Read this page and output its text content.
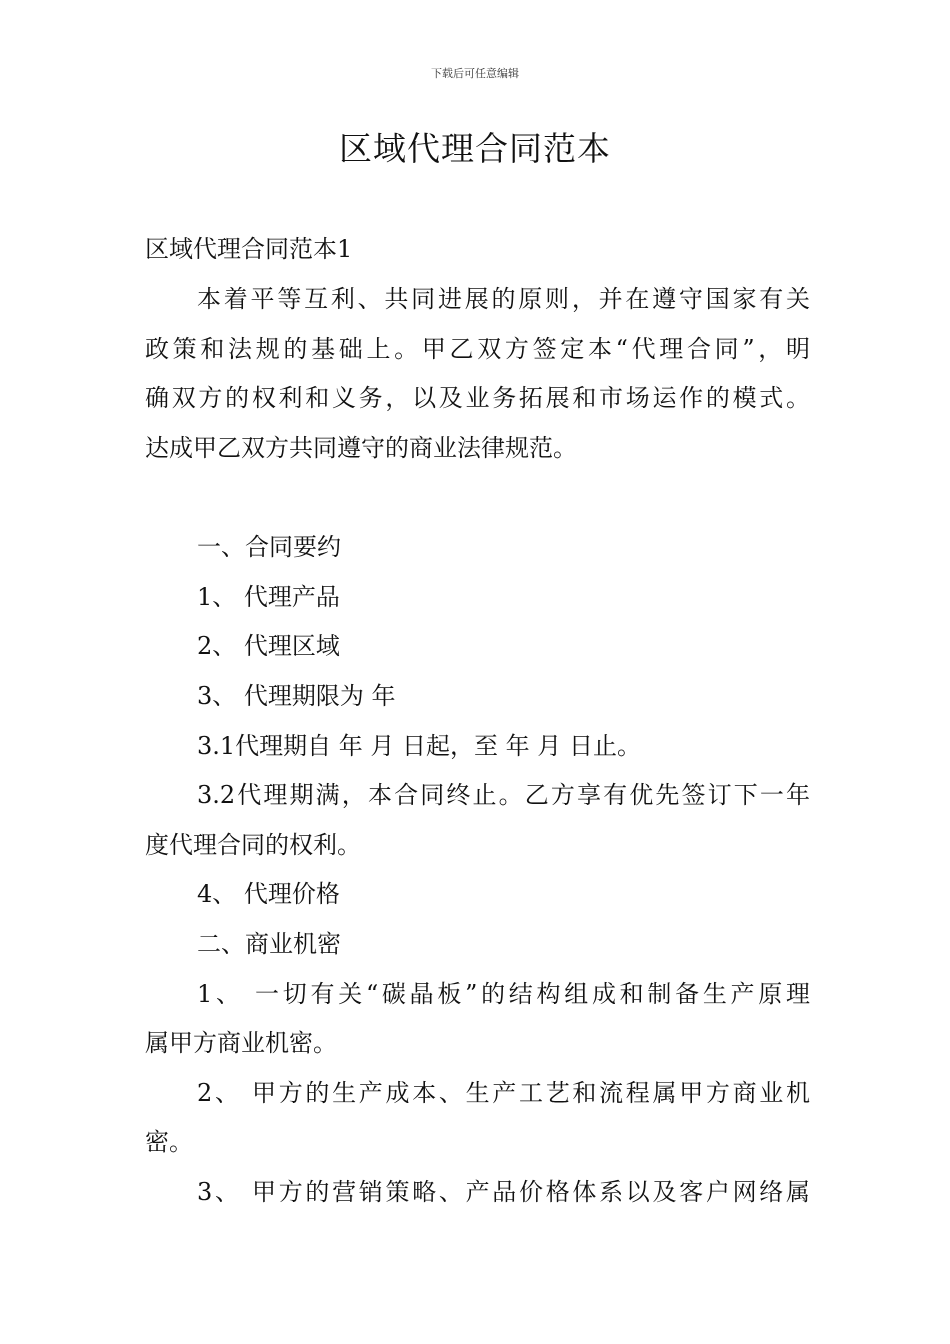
下载后可任意编辑
区域代理合同范本
区域代理合同范本1
本着平等互利、共同进展的原则，并在遵守国家有关
政策和法规的基础上。甲乙双方签定本“代理合同”，明
确双方的权利和义务，以及业务拓展和市场运作的模式。
达成甲乙双方共同遵守的商业法律规范。
一、合同要约
1、 代理产品
2、 代理区域
3、 代理期限为 年
3.1代理期自 年 月 日起，至 年 月 日止。
3.2代理期满，本合同终止。乙方享有优先签订下一年
度代理合同的权利。
4、 代理价格
二、商业机密
1、 一切有关“碳晶板”的结构组成和制备生产原理
属甲方商业机密。
2、 甲方的生产成本、生产工艺和流程属甲方商业机
密。
3、 甲方的营销策略、产品价格体系以及客户网络属
